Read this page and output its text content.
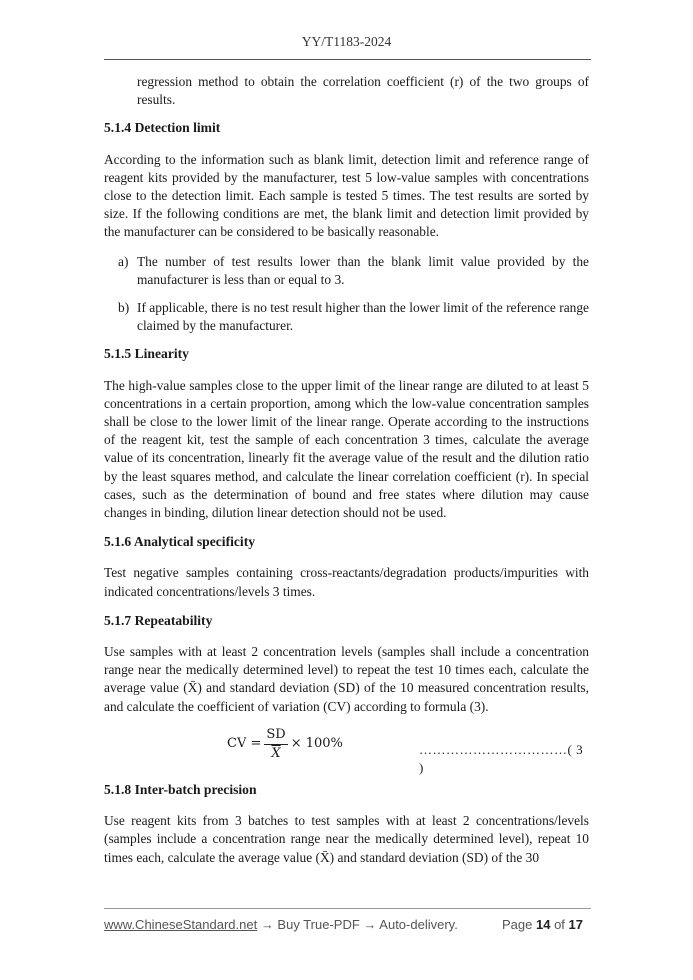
YY/T1183-2024

regression method to obtain the correlation coefficient (r) of the two groups of results.

5.1.4 Detection limit

According to the information such as blank limit, detection limit and reference range of reagent kits provided by the manufacturer, test 5 low-value samples with concentrations close to the detection limit. Each sample is tested 5 times. The test results are sorted by size. If the following conditions are met, the blank limit and detection limit provided by the manufacturer can be considered to be basically reasonable.

a) The number of test results lower than the blank limit value provided by the manufacturer is less than or equal to 3.
b) If applicable, there is no test result higher than the lower limit of the reference range claimed by the manufacturer.
5.1.5 Linearity

The high-value samples close to the upper limit of the linear range are diluted to at least 5 concentrations in a certain proportion, among which the low-value concentration samples shall be close to the lower limit of the linear range. Operate according to the instructions of the reagent kit, test the sample of each concentration 3 times, calculate the average value of its concentration, linearly fit the average value of the result and the dilution ratio by the least squares method, and calculate the linear correlation coefficient (r). In special cases, such as the determination of bound and free states where dilution may cause changes in binding, dilution linear detection should not be used.

5.1.6 Analytical specificity

Test negative samples containing cross-reactants/degradation products/impurities with indicated concentrations/levels 3 times.

5.1.7 Repeatability

Use samples with at least 2 concentration levels (samples shall include a concentration range near the medically determined level) to repeat the test 10 times each, calculate the average value (X̄) and standard deviation (SD) of the 10 measured concentration results, and calculate the coefficient of variation (CV) according to formula (3).

CV = $\frac{SD}{X} \times 100\%$	……………………………( 3 )
5.1.8 Inter-batch precision

Use reagent kits from 3 batches to test samples with at least 2 concentrations/levels (samples include a concentration range near the medically determined level), repeat 10 times each, calculate the average value (X̄) and standard deviation (SD) of the 30

www.ChineseStandard.net → Buy True-PDF → Auto-delivery.	Page 14 of 17
